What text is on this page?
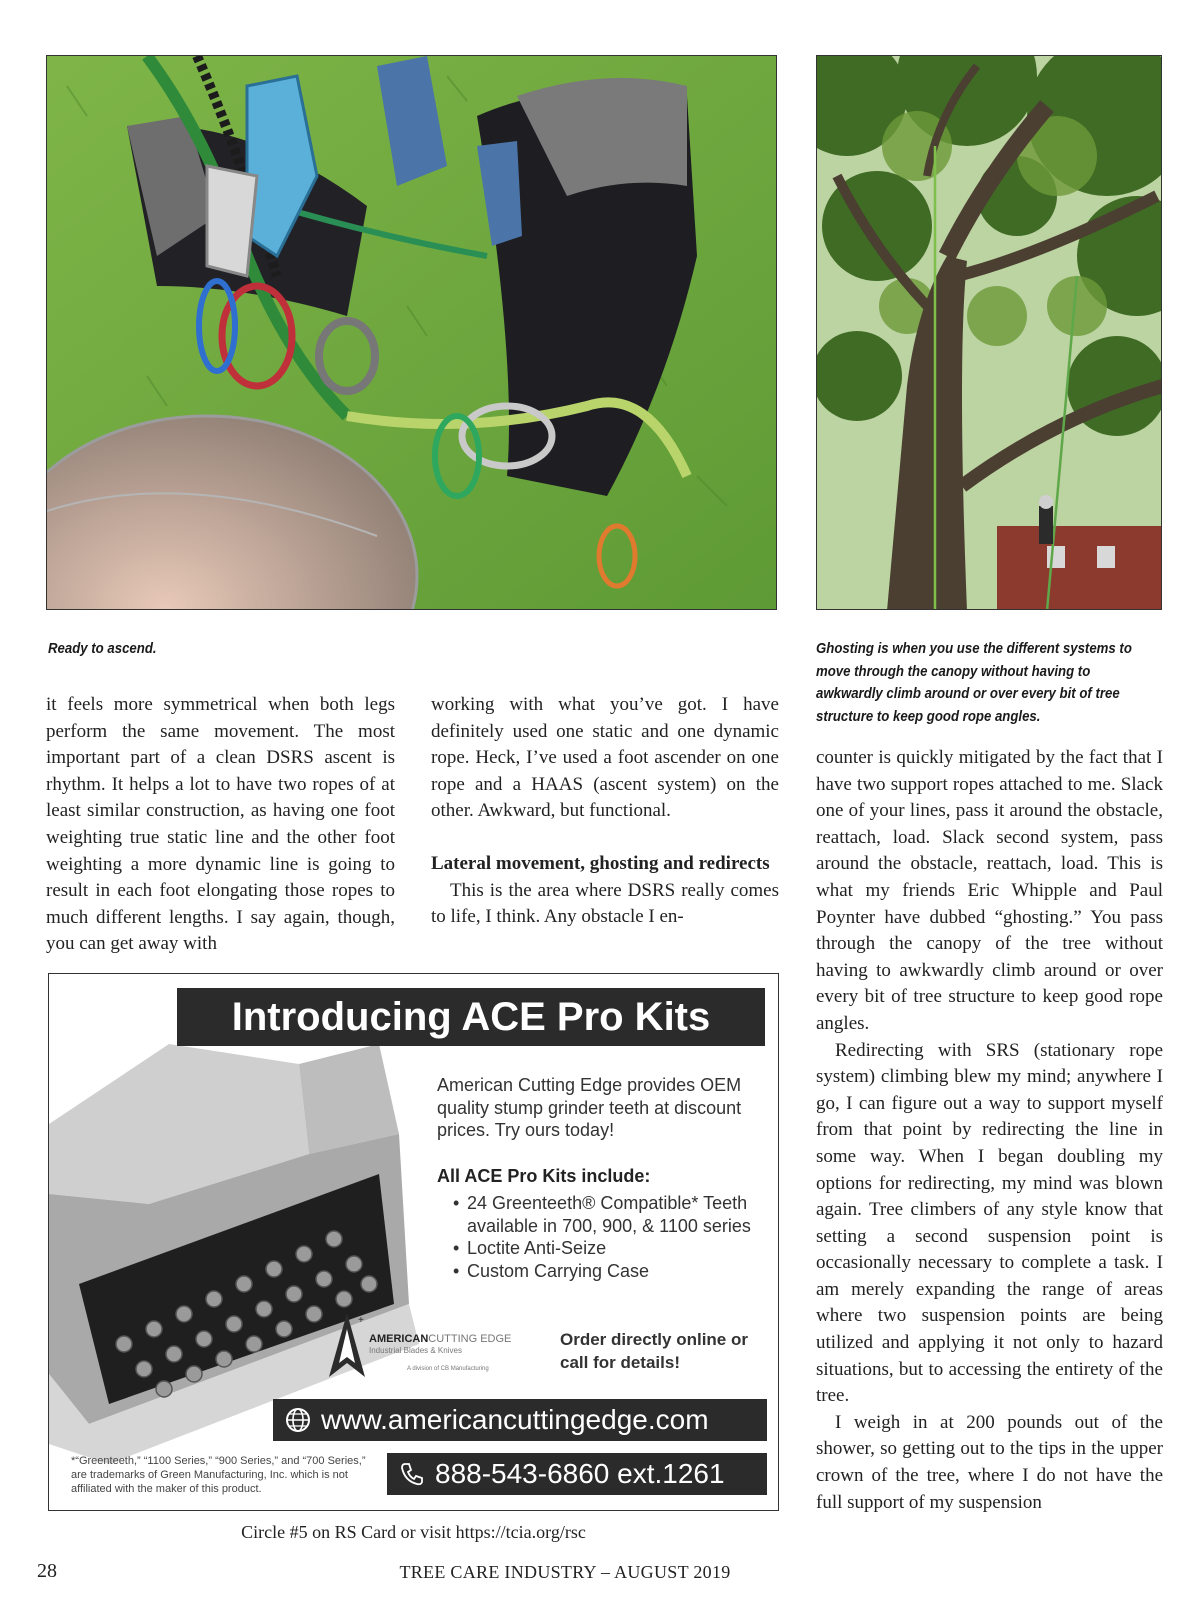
Ready to ascend.	Ghosting is when you use the different systems to move through the canopy without having to awkwardly climb around or over every bit of tree structure to keep good rope angles.

it feels more symmetrical when both legs perform the same movement. The most important part of a clean DSRS ascent is rhythm. It helps a lot to have two ropes of at least similar construction, as having one foot weighting true static line and the other foot weighting a more dynamic line is going to result in each foot elongating those ropes to much different lengths. I say again, though, you can get away with

working with what you’ve got. I have definitely used one static and one dynamic rope. Heck, I’ve used a foot ascender on one rope and a HAAS (ascent system) on the other. Awkward, but functional.

Lateral movement, ghosting and redirects

This is the area where DSRS really comes to life, I think. Any obstacle I en-

counter is quickly mitigated by the fact that I have two support ropes attached to me. Slack one of your lines, pass it around the obstacle, reattach, load. Slack second system, pass around the obstacle, reattach, load. This is what my friends Eric Whipple and Paul Poynter have dubbed “ghosting.” You pass through the canopy of the tree without having to awkwardly climb around or over every bit of tree structure to keep good rope angles.

Redirecting with SRS (stationary rope system) climbing blew my mind; anywhere I go, I can figure out a way to support myself from that point by redirecting the line in some way. When I began doubling my options for redirecting, my mind was blown again. Tree climbers of any style know that setting a second suspension point is occasionally necessary to complete a task. I am merely expanding the range of areas where two suspension points are being utilized and applying it not only to hazard situations, but to accessing the entirety of the tree.

I weigh in at 200 pounds out of the shower, so getting out to the tips in the upper crown of the tree, where I do not have the full support of my suspension

Introducing ACE Pro Kits
American Cutting Edge provides OEM quality stump grinder teeth at discount prices. Try ours today!
All ACE Pro Kits include:
• 24 Greenteeth® Compatible* Teeth available in 700, 900, & 1100 series
• Loctite Anti-Seize
• Custom Carrying Case
+
AMERICANCUTTING EDGE
Industrial Blades & Knives
A division of CB Manufacturing
Order directly online or call for details!
www.americancuttingedge.com
*“Greenteeth,” “1100 Series,” “900 Series,” and “700 Series,” are trademarks of Green Manufacturing, Inc. which is not affiliated with the maker of this product.	888-543-6860 ext.1261
Circle #5 on RS Card or visit https://tcia.org/rsc
28	TREE CARE INDUSTRY – AUGUST 2019
